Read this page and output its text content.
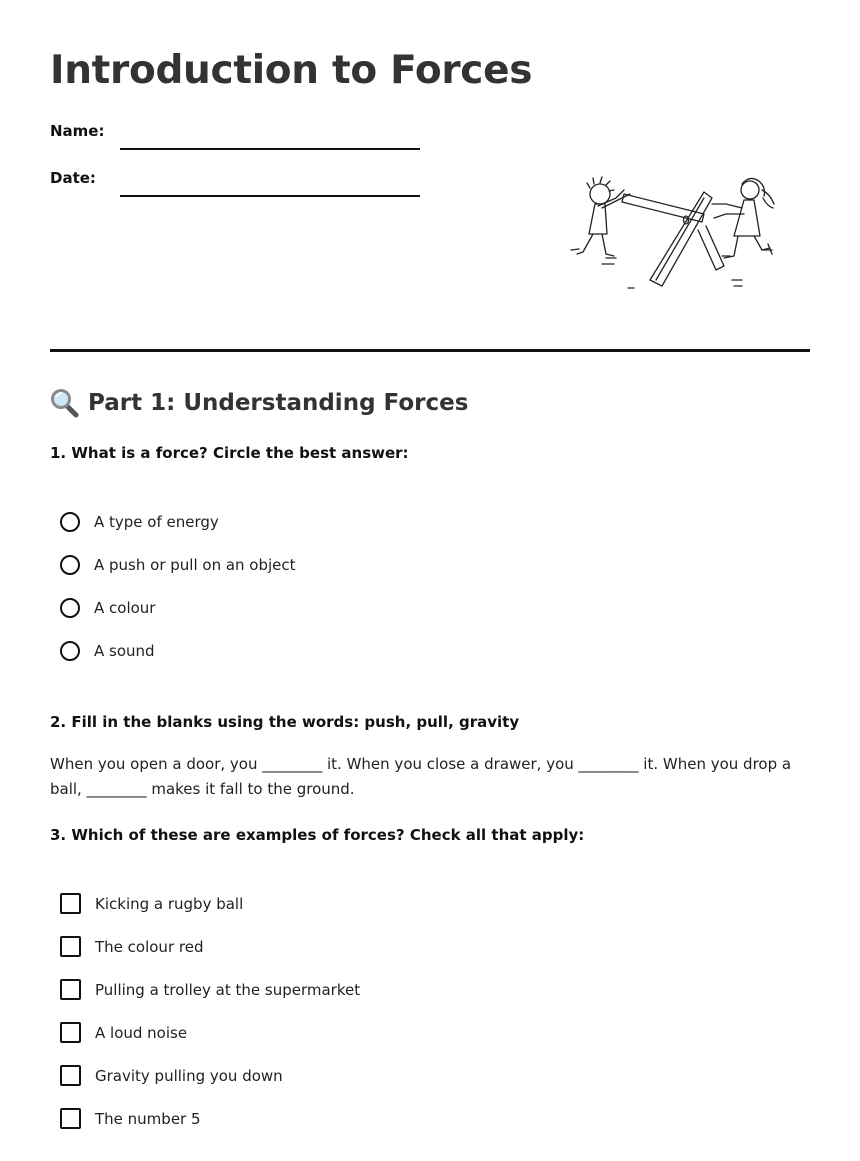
Introduction to Forces
Name:
Date:
Part 1: Understanding Forces

1. What is a force? Circle the best answer:

A type of energy
A push or pull on an object
A colour
A sound

2. Fill in the blanks using the words: push, pull, gravity

When you open a door, you ________ it. When you close a drawer, you ________ it. When you drop a ball, ________ makes it fall to the ground.

3. Which of these are examples of forces? Check all that apply:

Kicking a rugby ball
The colour red
Pulling a trolley at the supermarket
A loud noise
Gravity pulling you down
The number 5
